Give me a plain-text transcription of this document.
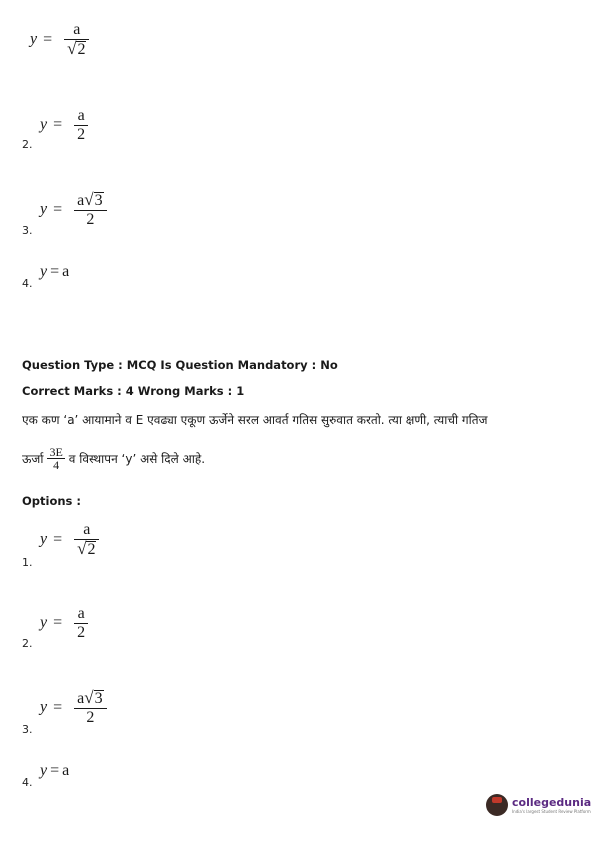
$y = \frac{a}{√ 2}$
2.
$y = \frac{a}{2}$
3.
$y = \frac{a √ 3}{2}$
4.
y = a
Question Type : MCQ Is Question Mandatory : No
Correct Marks : 4 Wrong Marks : 1
एक कण ‘a’ आयामाने व E एवढ्या एकूण ऊर्जेने सरल आवर्त गतिस सुरुवात करतो. त्या क्षणी, त्याची गतिज
ऊर्जा $\frac{3E}{4}$ व विस्थापन ‘y’ असे दिले आहे.
Options :
1.
$y = \frac{a}{√ 2}$
2.
$y = \frac{a}{2}$
3.
$y = \frac{a √ 3}{2}$
4.
y = a
collegedunia
India's largest Student Review Platform
